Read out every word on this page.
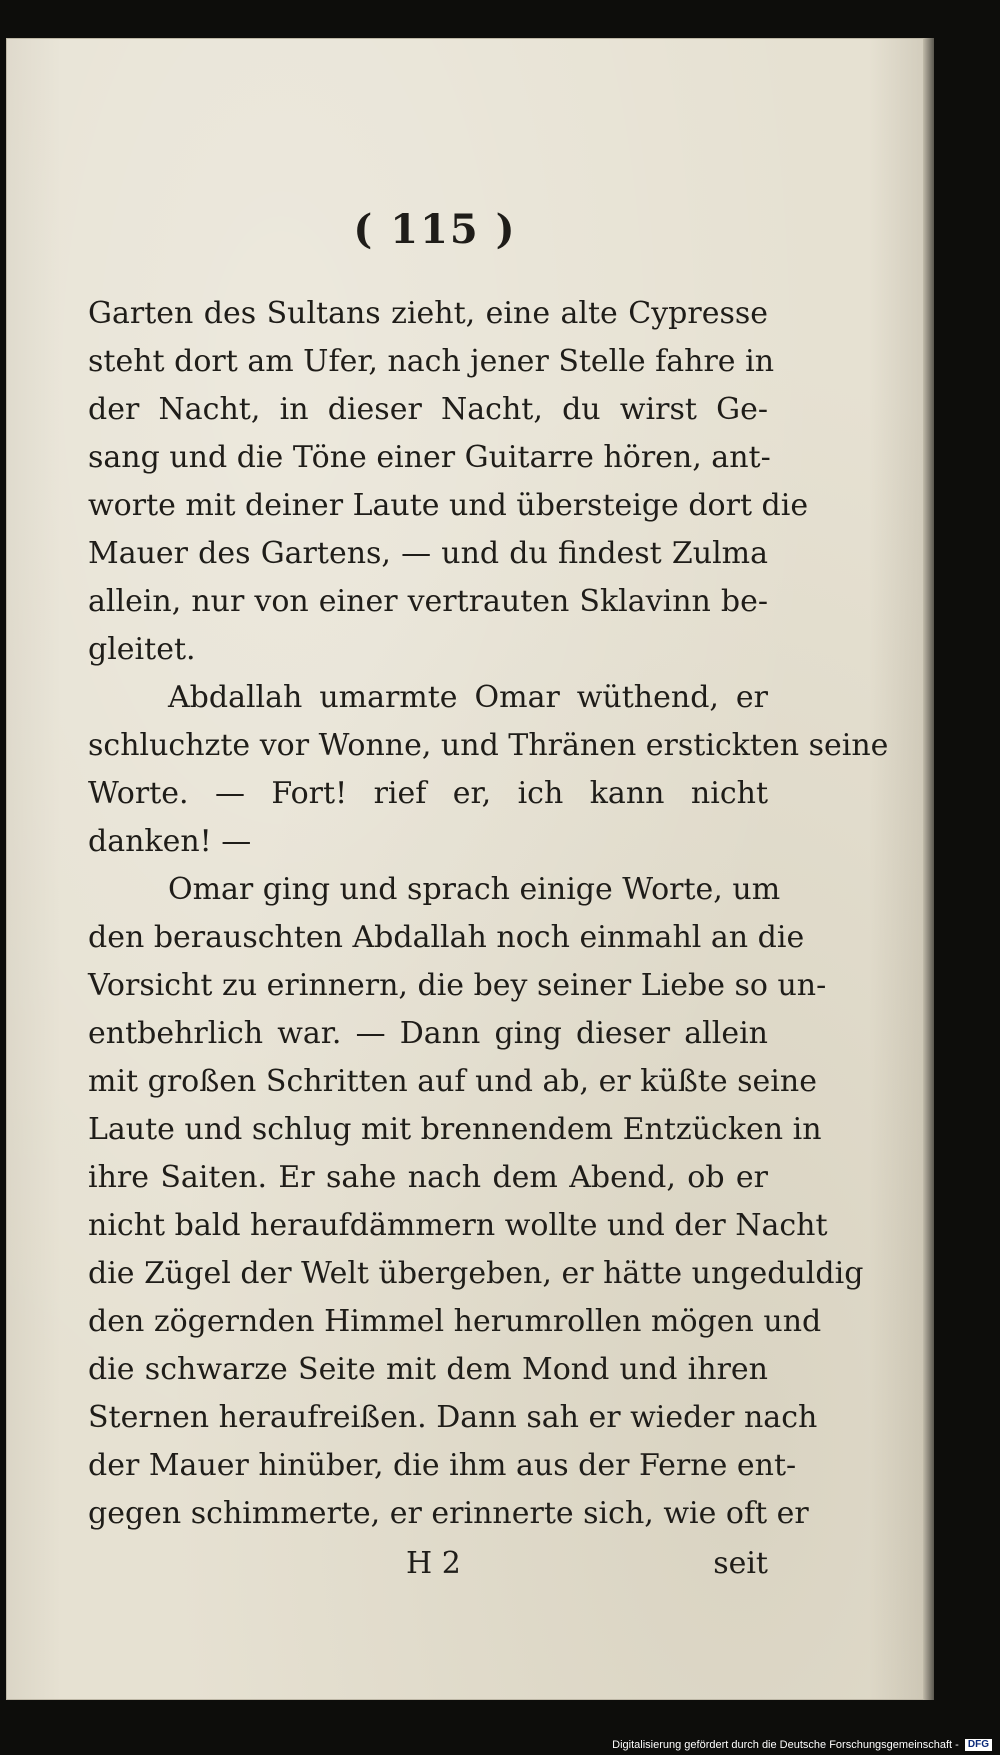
( 115 )
Garten des Sultans zieht, eine alte Cypresse
steht dort am Ufer, nach jener Stelle fahre in
der Nacht, in dieser Nacht, du wirst Ge-
sang und die Töne einer Guitarre hören, ant-
worte mit deiner Laute und übersteige dort die
Mauer des Gartens, — und du findest Zulma
allein, nur von einer vertrauten Sklavinn be-
gleitet.
Abdallah umarmte Omar wüthend, er
schluchzte vor Wonne, und Thränen erstickten seine
Worte. — Fort! rief er, ich kann nicht
danken! —
Omar ging und sprach einige Worte, um
den berauschten Abdallah noch einmahl an die
Vorsicht zu erinnern, die bey seiner Liebe so un-
entbehrlich war. — Dann ging dieser allein
mit großen Schritten auf und ab, er küßte seine
Laute und schlug mit brennendem Entzücken in
ihre Saiten. Er sahe nach dem Abend, ob er
nicht bald heraufdämmern wollte und der Nacht
die Zügel der Welt übergeben, er hätte ungeduldig
den zögernden Himmel herumrollen mögen und
die schwarze Seite mit dem Mond und ihren
Sternen heraufreißen. Dann sah er wieder nach
der Mauer hinüber, die ihm aus der Ferne ent-
gegen schimmerte, er erinnerte sich, wie oft er
H 2	seit
Digitalisierung gefördert durch die Deutsche Forschungsgemeinschaft - DFG
